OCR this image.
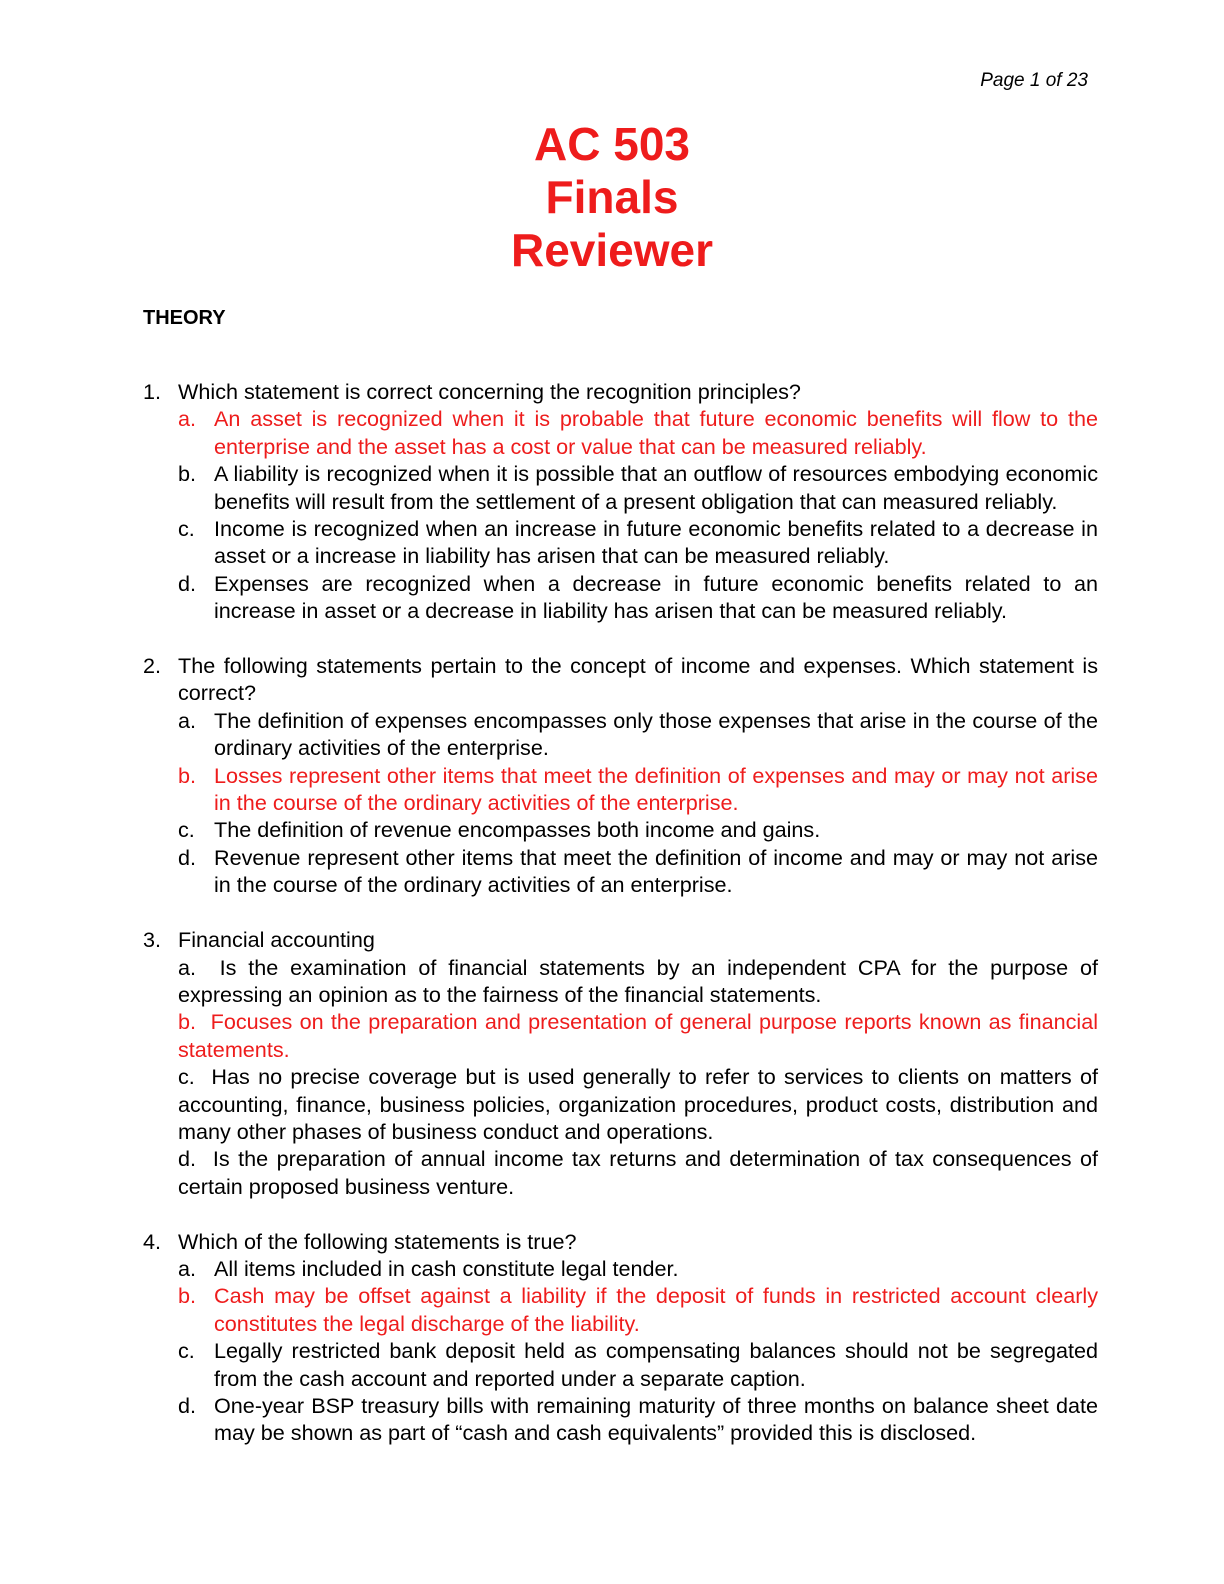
Page 1 of 23
AC 503
Finals
Reviewer
THEORY
1. Which statement is correct concerning the recognition principles?
a. An asset is recognized when it is probable that future economic benefits will flow to the enterprise and the asset has a cost or value that can be measured reliably.
b. A liability is recognized when it is possible that an outflow of resources embodying economic benefits will result from the settlement of a present obligation that can measured reliably.
c. Income is recognized when an increase in future economic benefits related to a decrease in asset or a increase in liability has arisen that can be measured reliably.
d. Expenses are recognized when a decrease in future economic benefits related to an increase in asset or a decrease in liability has arisen that can be measured reliably.
2. The following statements pertain to the concept of income and expenses. Which statement is correct?
a. The definition of expenses encompasses only those expenses that arise in the course of the ordinary activities of the enterprise.
b. Losses represent other items that meet the definition of expenses and may or may not arise in the course of the ordinary activities of the enterprise.
c. The definition of revenue encompasses both income and gains.
d. Revenue represent other items that meet the definition of income and may or may not arise in the course of the ordinary activities of an enterprise.
3. Financial accounting
a. Is the examination of financial statements by an independent CPA for the purpose of expressing an opinion as to the fairness of the financial statements.
b. Focuses on the preparation and presentation of general purpose reports known as financial statements.
c. Has no precise coverage but is used generally to refer to services to clients on matters of accounting, finance, business policies, organization procedures, product costs, distribution and many other phases of business conduct and operations.
d. Is the preparation of annual income tax returns and determination of tax consequences of certain proposed business venture.
4. Which of the following statements is true?
a. All items included in cash constitute legal tender.
b. Cash may be offset against a liability if the deposit of funds in restricted account clearly constitutes the legal discharge of the liability.
c. Legally restricted bank deposit held as compensating balances should not be segregated from the cash account and reported under a separate caption.
d. One-year BSP treasury bills with remaining maturity of three months on balance sheet date may be shown as part of “cash and cash equivalents” provided this is disclosed.
